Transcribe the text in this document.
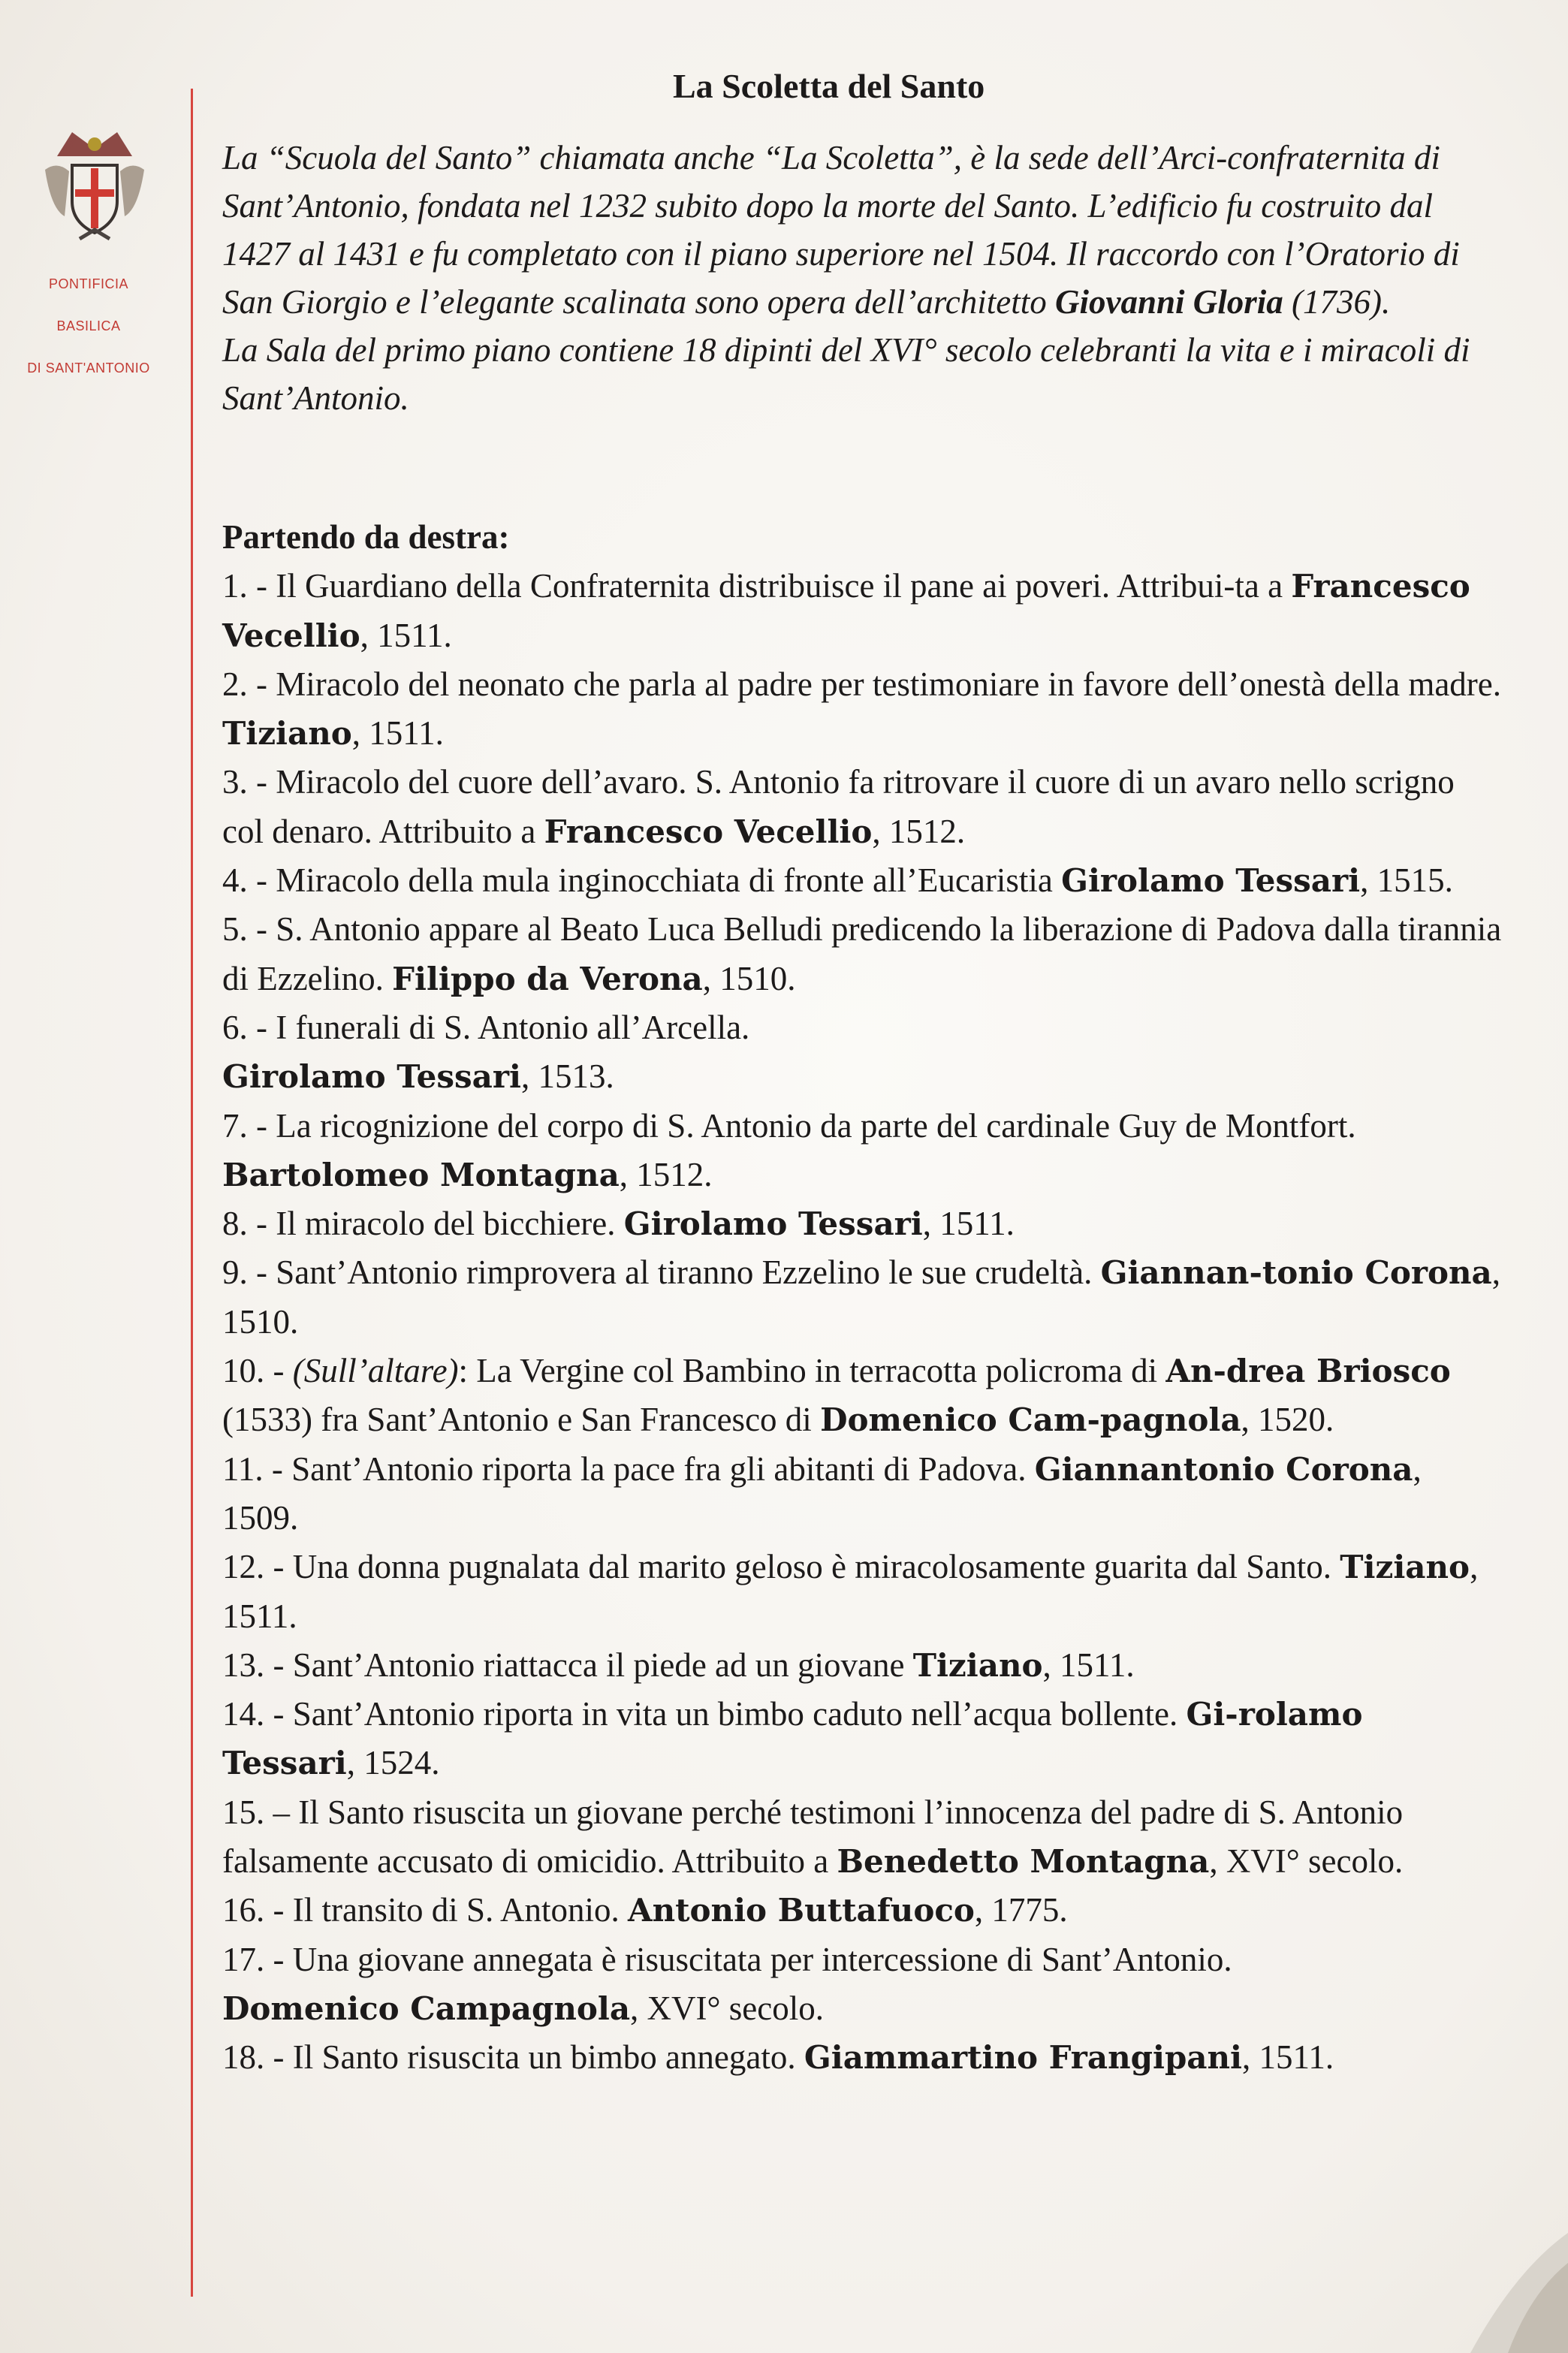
PONTIFICIA
BASILICA
DI SANT'ANTONIO
La Scoletta del Santo

La “Scuola del Santo” chiamata anche “La Scoletta”, è la sede dell’Arci-confraternita di Sant’Antonio, fondata nel 1232 subito dopo la morte del Santo. L’edificio fu costruito dal 1427 al 1431 e fu completato con il piano superiore nel 1504. Il raccordo con l’Oratorio di San Giorgio e l’elegante scalinata sono opera dell’architetto Giovanni Gloria (1736).

La Sala del primo piano contiene 18 dipinti del XVI° secolo celebranti la vita e i miracoli di Sant’Antonio.

Partendo da destra:

1. - Il Guardiano della Confraternita distribuisce il pane ai poveri. Attribui-ta a Francesco Vecellio, 1511.

2. - Miracolo del neonato che parla al padre per testimoniare in favore dell’onestà della madre. Tiziano, 1511.

3. - Miracolo del cuore dell’avaro. S. Antonio fa ritrovare il cuore di un avaro nello scrigno col denaro. Attribuito a Francesco Vecellio, 1512.

4. - Miracolo della mula inginocchiata di fronte all’Eucaristia Girolamo Tessari, 1515.

5. - S. Antonio appare al Beato Luca Belludi predicendo la liberazione di Padova dalla tirannia di Ezzelino. Filippo da Verona, 1510.

6. - I funerali di S. Antonio all’Arcella.
Girolamo Tessari, 1513.

7. - La ricognizione del corpo di S. Antonio da parte del cardinale Guy de Montfort. Bartolomeo Montagna, 1512.

8. - Il miracolo del bicchiere. Girolamo Tessari, 1511.

9. - Sant’Antonio rimprovera al tiranno Ezzelino le sue crudeltà. Giannan-tonio Corona, 1510.

10. - (Sull’altare): La Vergine col Bambino in terracotta policroma di An-drea Briosco (1533) fra Sant’Antonio e San Francesco di Domenico Cam-pagnola, 1520.

11. - Sant’Antonio riporta la pace fra gli abitanti di Padova. Giannantonio Corona, 1509.

12. - Una donna pugnalata dal marito geloso è miracolosamente guarita dal Santo. Tiziano, 1511.

13. - Sant’Antonio riattacca il piede ad un giovane Tiziano, 1511.

14. - Sant’Antonio riporta in vita un bimbo caduto nell’acqua bollente. Gi-rolamo Tessari, 1524.

15. – Il Santo risuscita un giovane perché testimoni l’innocenza del padre di S. Antonio falsamente accusato di omicidio. Attribuito a Benedetto Montagna, XVI° secolo.

16. - Il transito di S. Antonio. Antonio Buttafuoco, 1775.

17. - Una giovane annegata è risuscitata per intercessione di Sant’Antonio.
Domenico Campagnola, XVI° secolo.

18. - Il Santo risuscita un bimbo annegato. Giammartino Frangipani, 1511.
